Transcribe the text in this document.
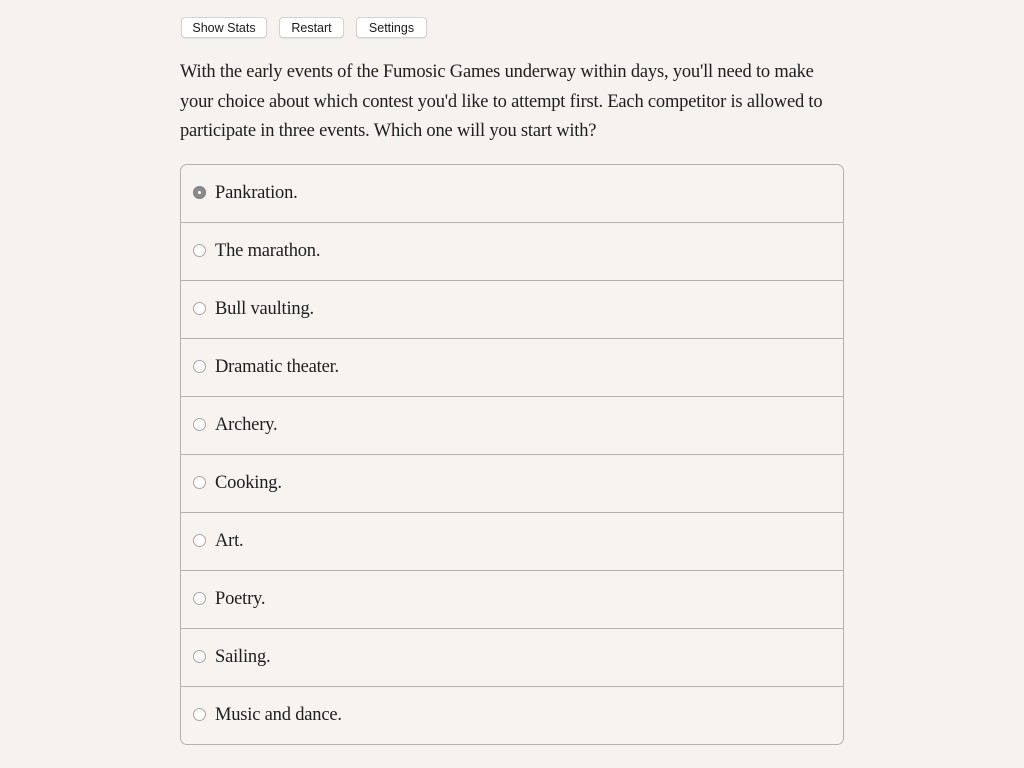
Show Stats	Restart	Settings

With the early events of the Fumosic Games underway within days, you'll need to make your choice about which contest you'd like to attempt first. Each competitor is allowed to participate in three events. Which one will you start with?

Pankration.
The marathon.
Bull vaulting.
Dramatic theater.
Archery.
Cooking.
Art.
Poetry.
Sailing.
Music and dance.
